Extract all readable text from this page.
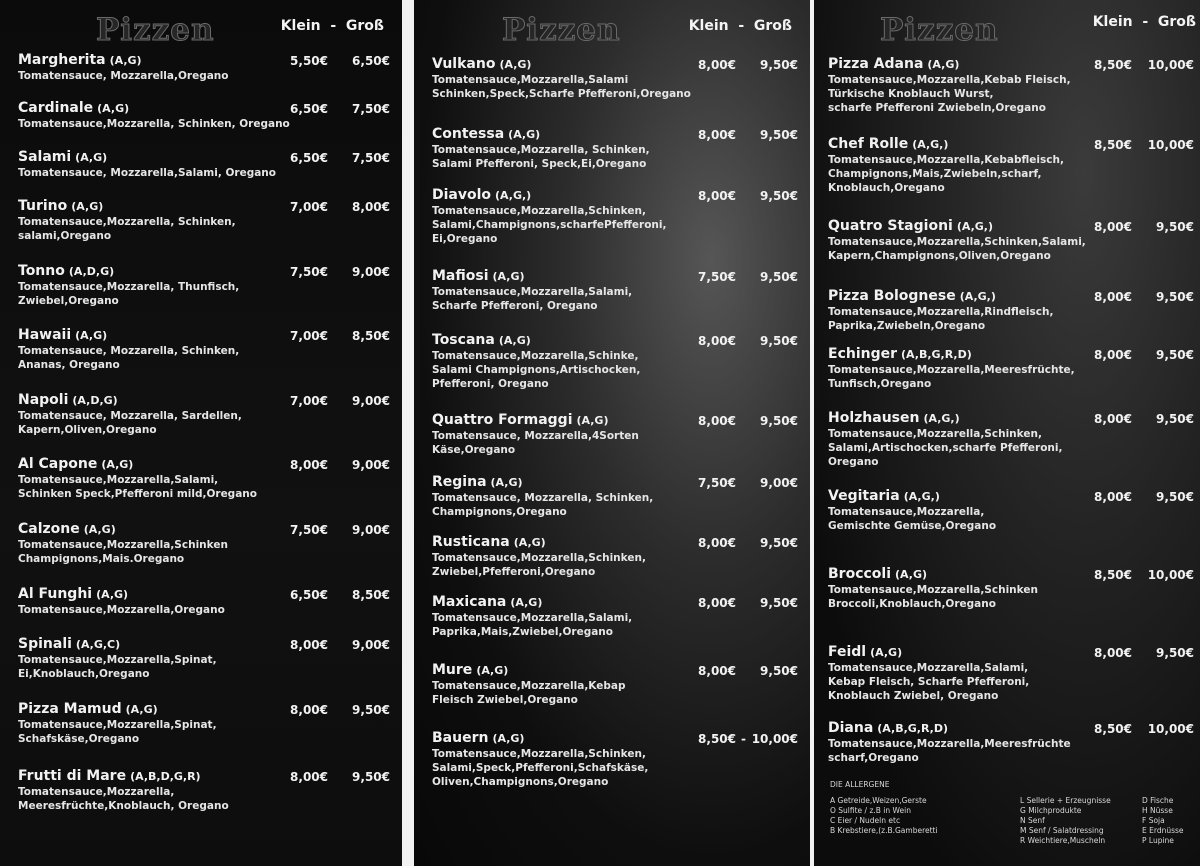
Pizzen	Klein  -  Groß
Margherita (A,G)
Tomatensauce, Mozzarella,Oregano
5,50€ 6,50€
Cardinale (A,G)
Tomatensauce,Mozzarella, Schinken, Oregano
6,50€ 7,50€
Salami (A,G)
Tomatensauce, Mozzarella,Salami, Oregano
6,50€ 7,50€
Turino (A,G)
Tomatensauce,Mozzarella, Schinken,
salami,Oregano
7,00€ 8,00€
Tonno (A,D,G)
Tomatensauce,Mozzarella, Thunfisch,
Zwiebel,Oregano
7,50€ 9,00€
Hawaii (A,G)
Tomatensauce, Mozzarella, Schinken,
Ananas, Oregano
7,00€ 8,50€
Napoli (A,D,G)
Tomatensauce, Mozzarella, Sardellen,
Kapern,Oliven,Oregano
7,00€ 9,00€
Al Capone (A,G)
Tomatensauce,Mozzarella,Salami,
Schinken Speck,Pfefferoni mild,Oregano
8,00€ 9,00€
Calzone (A,G)
Tomatensauce,Mozzarella,Schinken
Champignons,Mais.Oregano
7,50€ 9,00€
Al Funghi (A,G)
Tomatensauce,Mozzarella,Oregano
6,50€ 8,50€
Spinali (A,G,C)
Tomatensauce,Mozzarella,Spinat,
Ei,Knoblauch,Oregano
8,00€ 9,00€
Pizza Mamud (A,G)
Tomatensauce,Mozzarella,Spinat,
Schafskäse,Oregano
8,00€ 9,50€
Frutti di Mare (A,B,D,G,R)
Tomatensauce,Mozzarella,
Meeresfrüchte,Knoblauch, Oregano
8,00€ 9,50€
Pizzen	Klein  -  Groß
Vulkano (A,G)
Tomatensauce,Mozzarella,Salami
Schinken,Speck,Scharfe Pfefferoni,Oregano
8,00€ 9,50€
Contessa (A,G)
Tomatensauce,Mozzarella, Schinken,
Salami Pfefferoni, Speck,Ei,Oregano
8,00€ 9,50€
Diavolo (A,G,)
Tomatensauce,Mozzarella,Schinken,
Salami,Champignons,scharfePfefferoni,
Ei,Oregano
8,00€ 9,50€
Mafiosi (A,G)
Tomatensauce,Mozzarella,Salami,
Scharfe Pfefferoni, Oregano
7,50€ 9,50€
Toscana (A,G)
Tomatensauce,Mozzarella,Schinke,
Salami Champignons,Artischocken,
Pfefferoni, Oregano
8,00€ 9,50€
Quattro Formaggi (A,G)
Tomatensauce, Mozzarella,4Sorten
Käse,Oregano
8,00€ 9,50€
Regina (A,G)
Tomatensauce, Mozzarella, Schinken,
Champignons,Oregano
7,50€ 9,00€
Rusticana (A,G)
Tomatensauce,Mozzarella,Schinken,
Zwiebel,Pfefferoni,Oregano
8,00€ 9,50€
Maxicana (A,G)
Tomatensauce,Mozzarella,Salami,
Paprika,Mais,Zwiebel,Oregano
8,00€ 9,50€
Mure (A,G)
Tomatensauce,Mozzarella,Kebap
Fleisch Zwiebel,Oregano
8,00€ 9,50€
Bauern (A,G)
Tomatensauce,Mozzarella,Schinken,
Salami,Speck,Pfefferoni,Schafskäse,
Oliven,Champignons,Oregano
8,50€ 10,00€
-
Pizzen	Klein  -  Groß
Pizza Adana (A,G)
Tomatensauce,Mozzarella,Kebab Fleisch,
Türkische Knoblauch Wurst,
scharfe Pfefferoni Zwiebeln,Oregano
8,50€ 10,00€
Chef Rolle (A,G,)
Tomatensauce,Mozzarella,Kebabfleisch,
Champignons,Mais,Zwiebeln,scharf,
Knoblauch,Oregano
8,50€ 10,00€
Quatro Stagioni (A,G,)
Tomatensauce,Mozzarella,Schinken,Salami,
Kapern,Champignons,Oliven,Oregano
8,00€ 9,50€
Pizza Bolognese (A,G,)
Tomatensauce,Mozzarella,Rindfleisch,
Paprika,Zwiebeln,Oregano
8,00€ 9,50€
Echinger (A,B,G,R,D)
Tomatensauce,Mozzarella,Meeresfrüchte,
Tunfisch,Oregano
8,00€ 9,50€
Holzhausen (A,G,)
Tomatensauce,Mozzarella,Schinken,
Salami,Artischocken,scharfe Pfefferoni,
Oregano
8,00€ 9,50€
Vegitaria (A,G,)
Tomatensauce,Mozzarella,
Gemischte Gemüse,Oregano
8,00€ 9,50€
Broccoli (A,G)
Tomatensauce,Mozzarella,Schinken
Broccoli,Knoblauch,Oregano
8,50€ 10,00€
Feidl (A,G)
Tomatensauce,Mozzarella,Salami,
Kebap Fleisch, Scharfe Pfefferoni,
Knoblauch Zwiebel, Oregano
8,00€ 9,50€
Diana (A,B,G,R,D)
Tomatensauce,Mozzarella,Meeresfrüchte
scharf,Oregano
8,50€ 10,00€
DIE ALLERGENE
A Getreide,Weizen,Gerste
O Sulfite / z.B in Wein
C Eier / Nudeln etc
B Krebstiere,(z.B.Gamberetti
L Sellerie + Erzeugnisse
G Milchprodukte
N Senf
M Senf / Salatdressing
R Weichtiere,Muscheln
D Fische
H Nüsse
F Soja
E Erdnüsse
P Lupine
